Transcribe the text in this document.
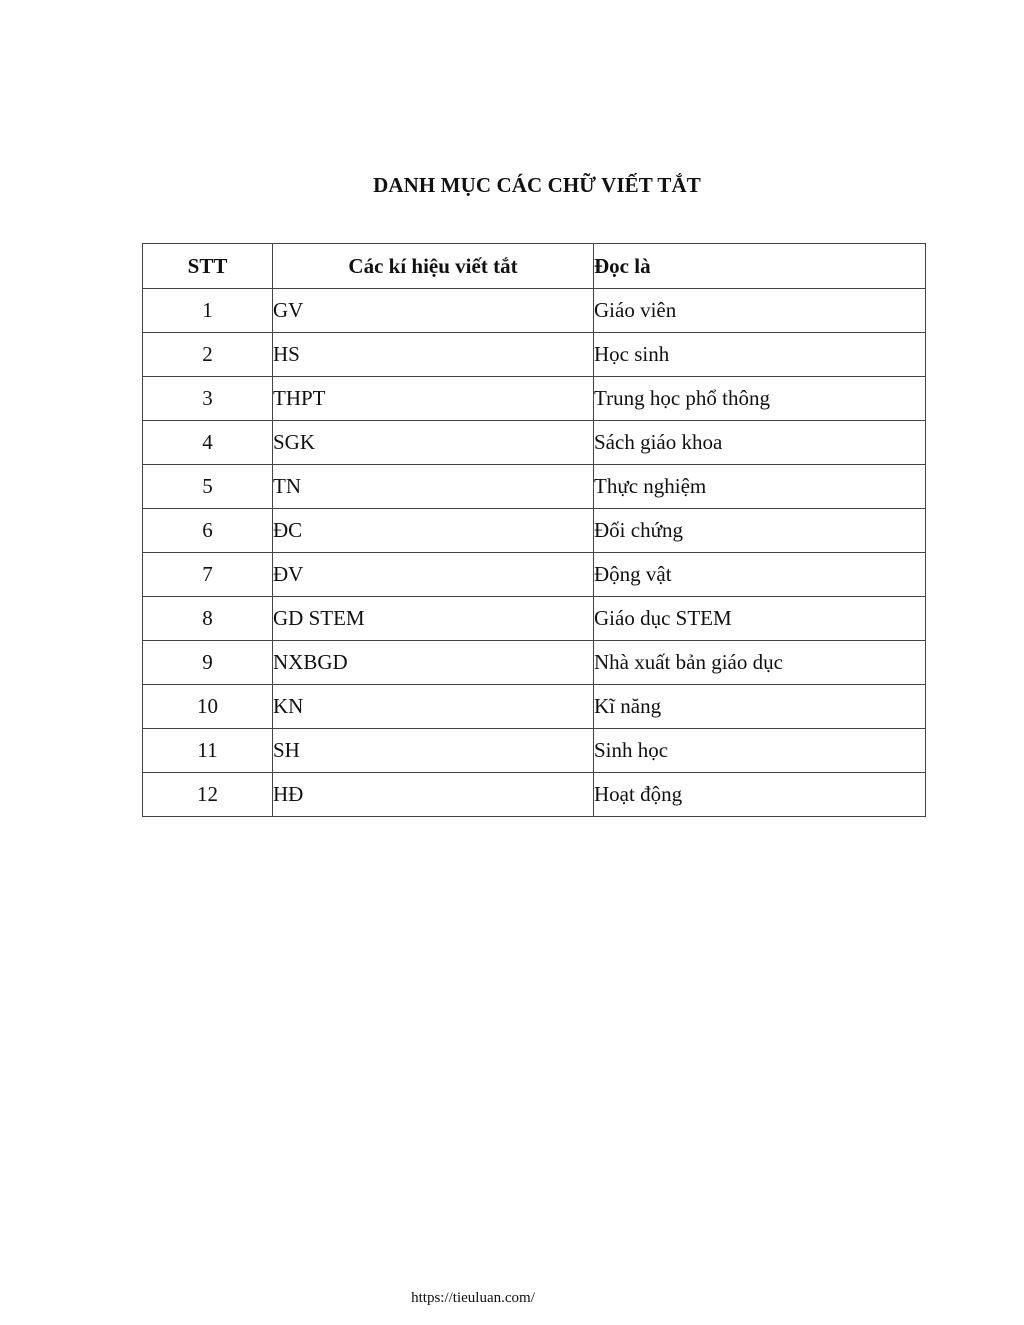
DANH MỤC CÁC CHỮ VIẾT TẮT
STT	Các kí hiệu viết tắt	Đọc là
1	GV	Giáo viên
2	HS	Học sinh
3	THPT	Trung học phổ thông
4	SGK	Sách giáo khoa
5	TN	Thực nghiệm
6	ĐC	Đối chứng
7	ĐV	Động vật
8	GD STEM	Giáo dục STEM
9	NXBGD	Nhà xuất bản giáo dục
10	KN	Kĩ năng
11	SH	Sinh học
12	HĐ	Hoạt động
https://tieuluan.com/
